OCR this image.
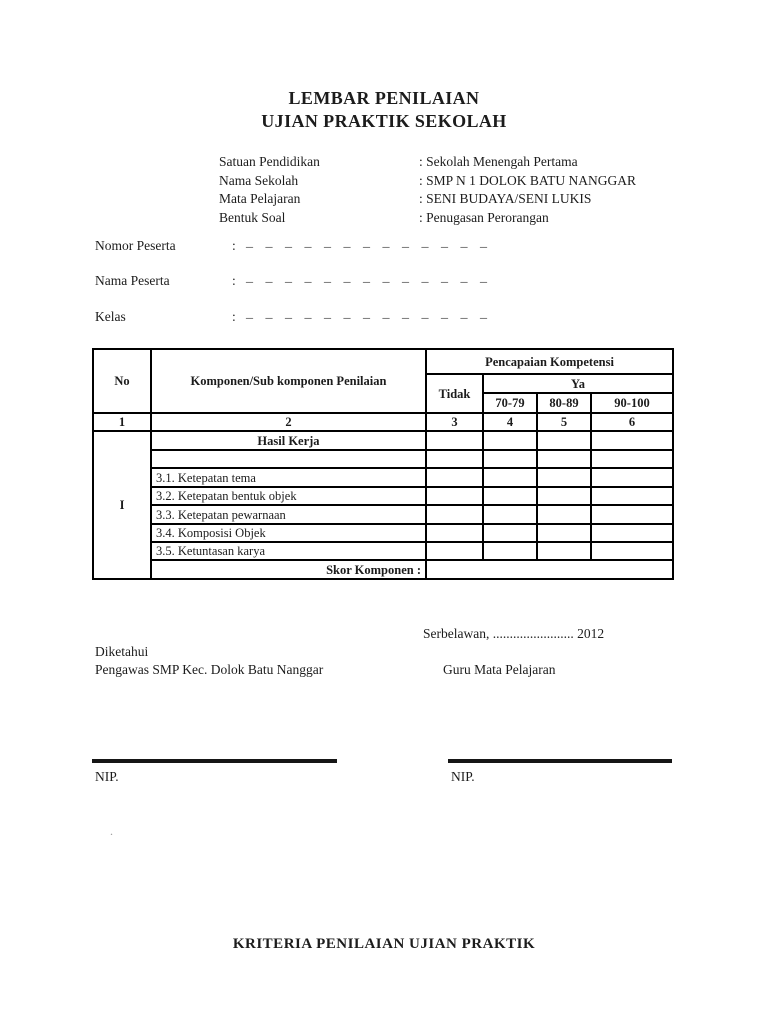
LEMBAR PENILAIAN
UJIAN PRAKTIK SEKOLAH
Satuan Pendidikan	: Sekolah Menengah Pertama
Nama Sekolah	: SMP N 1 DOLOK BATU NANGGAR
Mata Pelajaran	: SENI BUDAYA/SENI LUKIS
Bentuk Soal	: Penugasan Perorangan
Nomor Peserta	: _ _ _ _ _ _ _ _ _ _ _ _ _
Nama Peserta	: _ _ _ _ _ _ _ _ _ _ _ _ _
Kelas	: _ _ _ _ _ _ _ _ _ _ _ _ _
No	Komponen/Sub komponen Penilaian	Pencapaian Kompetensi			
		Tidak	Ya		
			70-79	80-89	90-100
1	2	3	4	5	6
I	Hasil Kerja				

	3.1. Ketepatan tema				
	3.2. Ketepatan bentuk objek				
	3.3. Ketepatan pewarnaan				
	3.4. Komposisi Objek				
	3.5. Ketuntasan karya				
	Skor Komponen :				
Serbelawan, ........................ 2012
Diketahui
Pengawas SMP Kec. Dolok Batu Nanggar	Guru Mata Pelajaran
NIP.	NIP.
.
KRITERIA PENILAIAN UJIAN PRAKTIK
